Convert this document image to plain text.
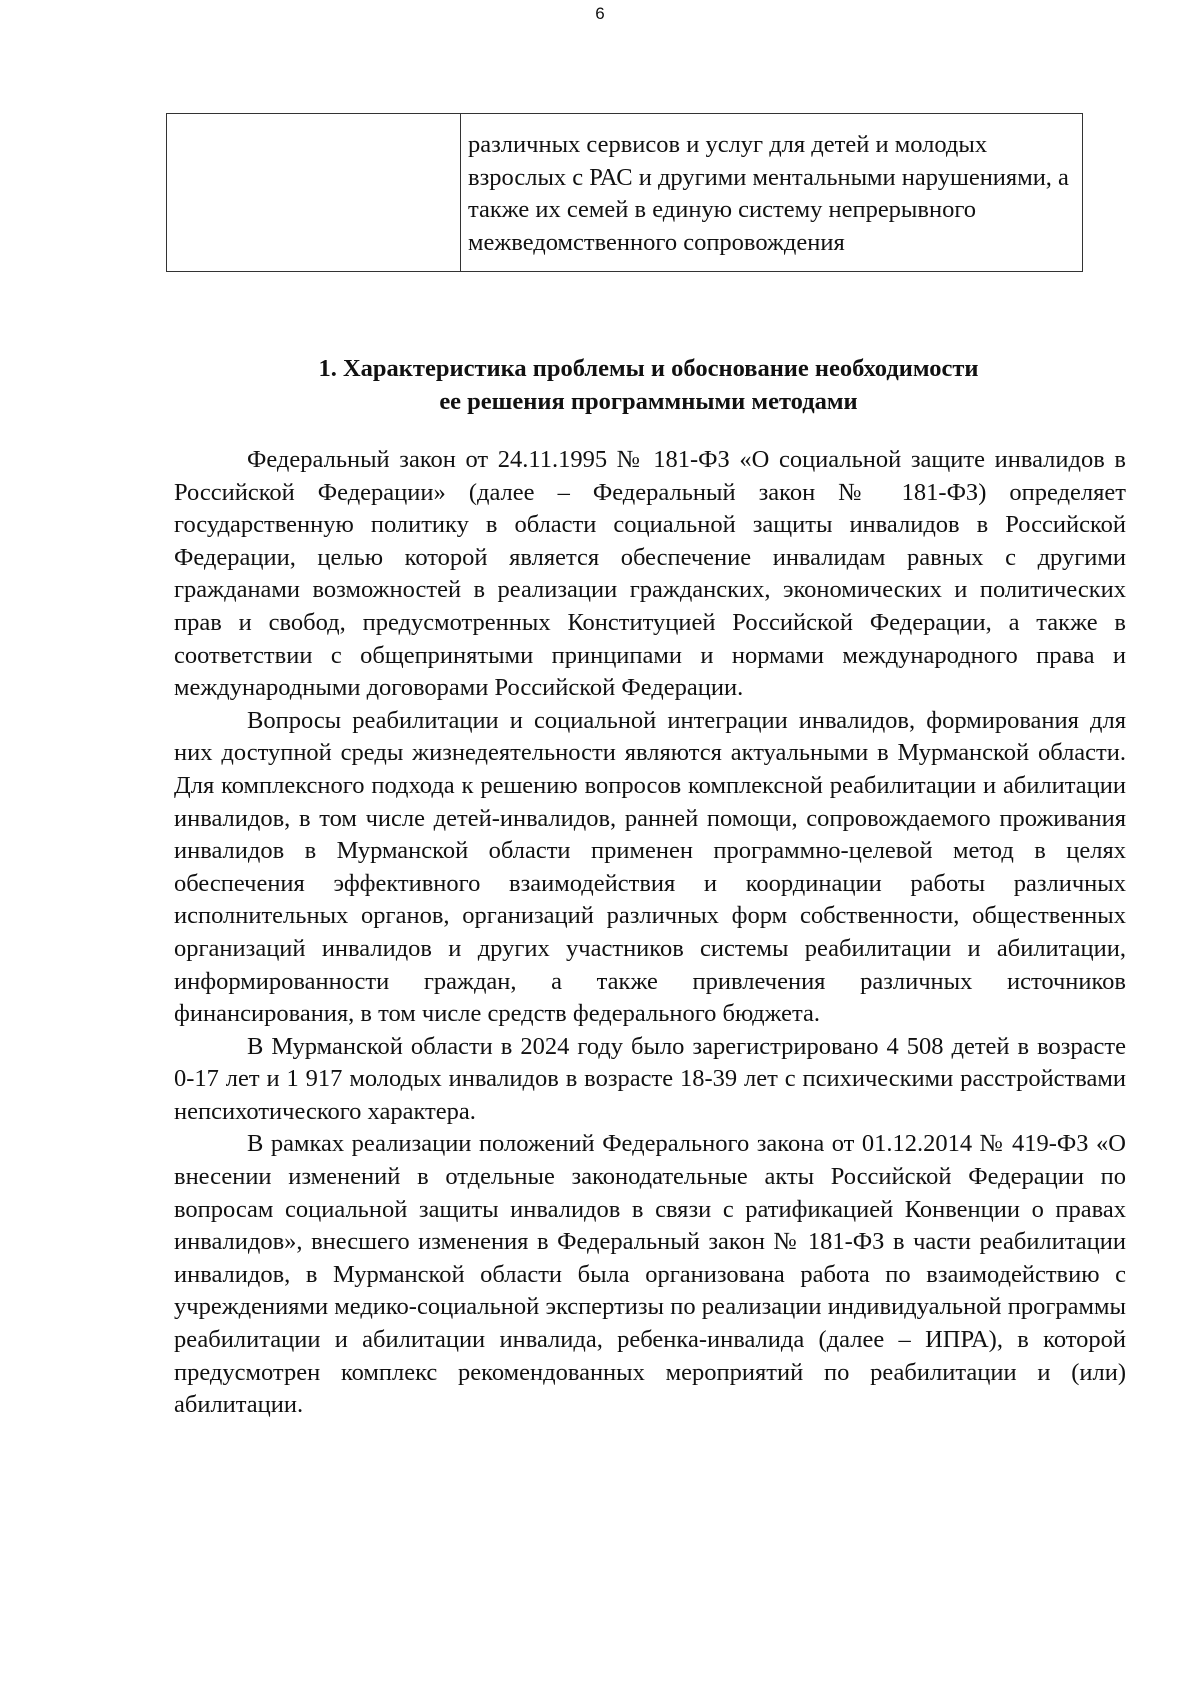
6
	различных сервисов и услуг для детей и молодых взрослых с РАС и другими ментальными нарушениями, а также их семей в единую систему непрерывного межведомственного сопровождения
1. Характеристика проблемы и обоснование необходимости
ее решения программными методами

Федеральный закон от 24.11.1995 № 181-ФЗ «О социальной защите инвалидов в Российской Федерации» (далее – Федеральный закон № 181-ФЗ) определяет государственную политику в области социальной защиты инвалидов в Российской Федерации, целью которой является обеспечение инвалидам равных с другими гражданами возможностей в реализации гражданских, экономических и политических прав и свобод, предусмотренных Конституцией Российской Федерации, а также в соответствии с общепринятыми принципами и нормами международного права и международными договорами Российской Федерации.

Вопросы реабилитации и социальной интеграции инвалидов, формирования для них доступной среды жизнедеятельности являются актуальными в Мурманской области. Для комплексного подхода к решению вопросов комплексной реабилитации и абилитации инвалидов, в том числе детей-инвалидов, ранней помощи, сопровождаемого проживания инвалидов в Мурманской области применен программно-целевой метод в целях обеспечения эффективного взаимодействия и координации работы различных исполнительных органов, организаций различных форм собственности, общественных организаций инвалидов и других участников системы реабилитации и абилитации, информированности граждан, а также привлечения различных источников финансирования, в том числе средств федерального бюджета.

В Мурманской области в 2024 году было зарегистрировано 4 508 детей в возрасте 0-17 лет и 1 917 молодых инвалидов в возрасте 18-39 лет с психическими расстройствами непсихотического характера.

В рамках реализации положений Федерального закона от 01.12.2014 № 419-ФЗ «О внесении изменений в отдельные законодательные акты Российской Федерации по вопросам социальной защиты инвалидов в связи с ратификацией Конвенции о правах инвалидов», внесшего изменения в Федеральный закон № 181-ФЗ в части реабилитации инвалидов, в Мурманской области была организована работа по взаимодействию с учреждениями медико-социальной экспертизы по реализации индивидуальной программы реабилитации и абилитации инвалида, ребенка-инвалида (далее – ИПРА), в которой предусмотрен комплекс рекомендованных мероприятий по реабилитации и (или) абилитации.
